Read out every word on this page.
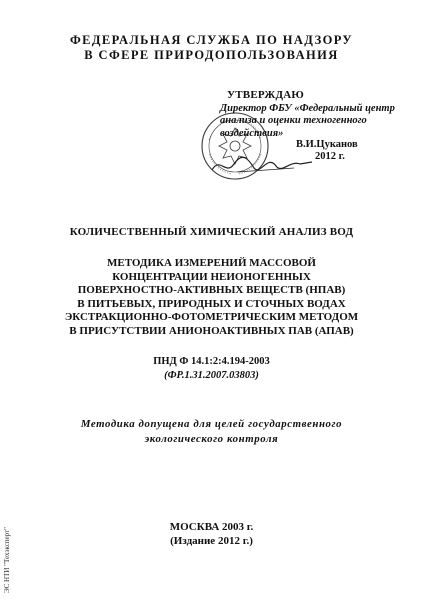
ФЕДЕРАЛЬНАЯ СЛУЖБА ПО НАДЗОРУ
В СФЕРЕ ПРИРОДОПОЛЬЗОВАНИЯ
УТВЕРЖДАЮ
Директор ФБУ «Федеральный центр
анализа и оценки техногенного
воздействия»
В.И.Цуканов
2012 г.
КОЛИЧЕСТВЕННЫЙ ХИМИЧЕСКИЙ АНАЛИЗ ВОД
МЕТОДИКА ИЗМЕРЕНИЙ МАССОВОЙ
КОНЦЕНТРАЦИИ НЕИОНОГЕННЫХ
ПОВЕРХНОСТНО-АКТИВНЫХ ВЕЩЕСТВ (НПАВ)
В ПИТЬЕВЫХ, ПРИРОДНЫХ И СТОЧНЫХ ВОДАХ
ЭКСТРАКЦИОННО-ФОТОМЕТРИЧЕСКИМ МЕТОДОМ
В ПРИСУТСТВИИ АНИОНОАКТИВНЫХ ПАВ (АПАВ)
ПНД Ф 14.1:2:4.194-2003
(ФР.1.31.2007.03803)
Методика допущена для целей государственного
экологического контроля
МОСКВА 2003 г.
(Издание 2012 г.)
ЭС НТИ "Техэксперт"
